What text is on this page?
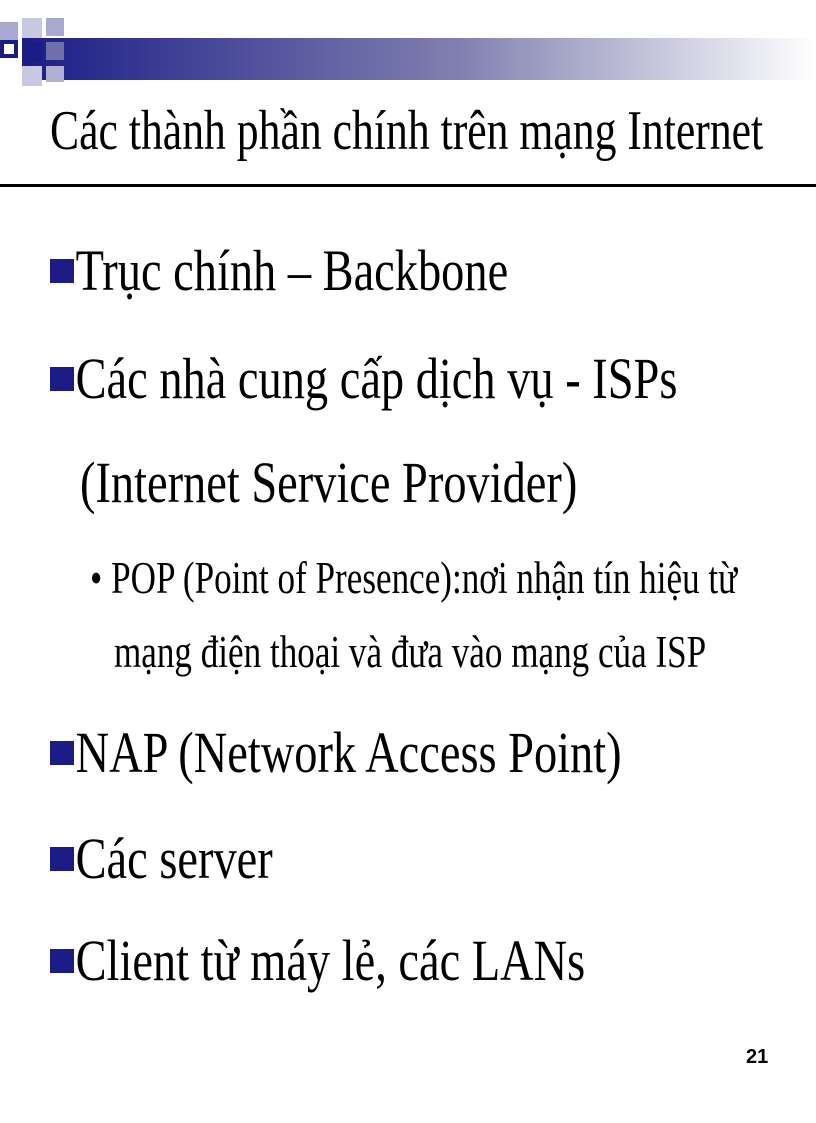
Các thành phần chính trên mạng Internet
Trục chính – Backbone
Các nhà cung cấp dịch vụ - ISPs
(Internet Service Provider)
• POP (Point of Presence):nơi nhận tín hiệu từ
mạng điện thoại và đưa vào mạng của ISP
NAP (Network Access Point)
Các server
Client từ máy lẻ, các LANs
21
